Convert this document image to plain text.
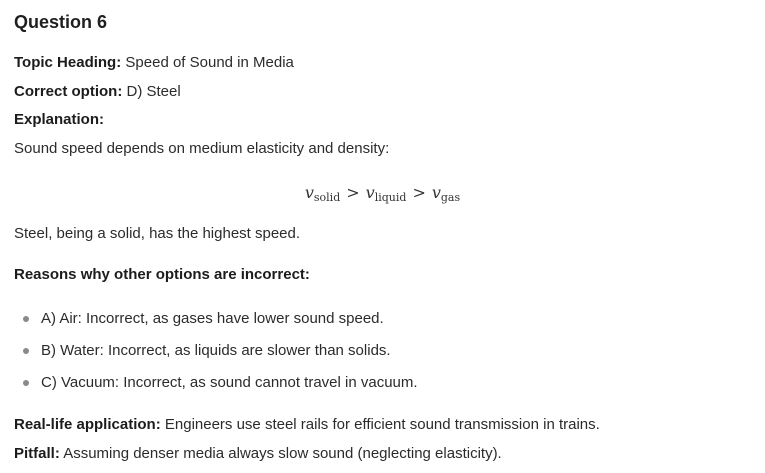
Question 6
Topic Heading: Speed of Sound in Media
Correct option: D) Steel
Explanation:
Sound speed depends on medium elasticity and density:
$v_{solid} > v_{liquid} > v_{gas}$
Steel, being a solid, has the highest speed.
Reasons why other options are incorrect:
A) Air: Incorrect, as gases have lower sound speed.
B) Water: Incorrect, as liquids are slower than solids.
C) Vacuum: Incorrect, as sound cannot travel in vacuum.
Real-life application: Engineers use steel rails for efficient sound transmission in trains.
Pitfall: Assuming denser media always slow sound (neglecting elasticity).
